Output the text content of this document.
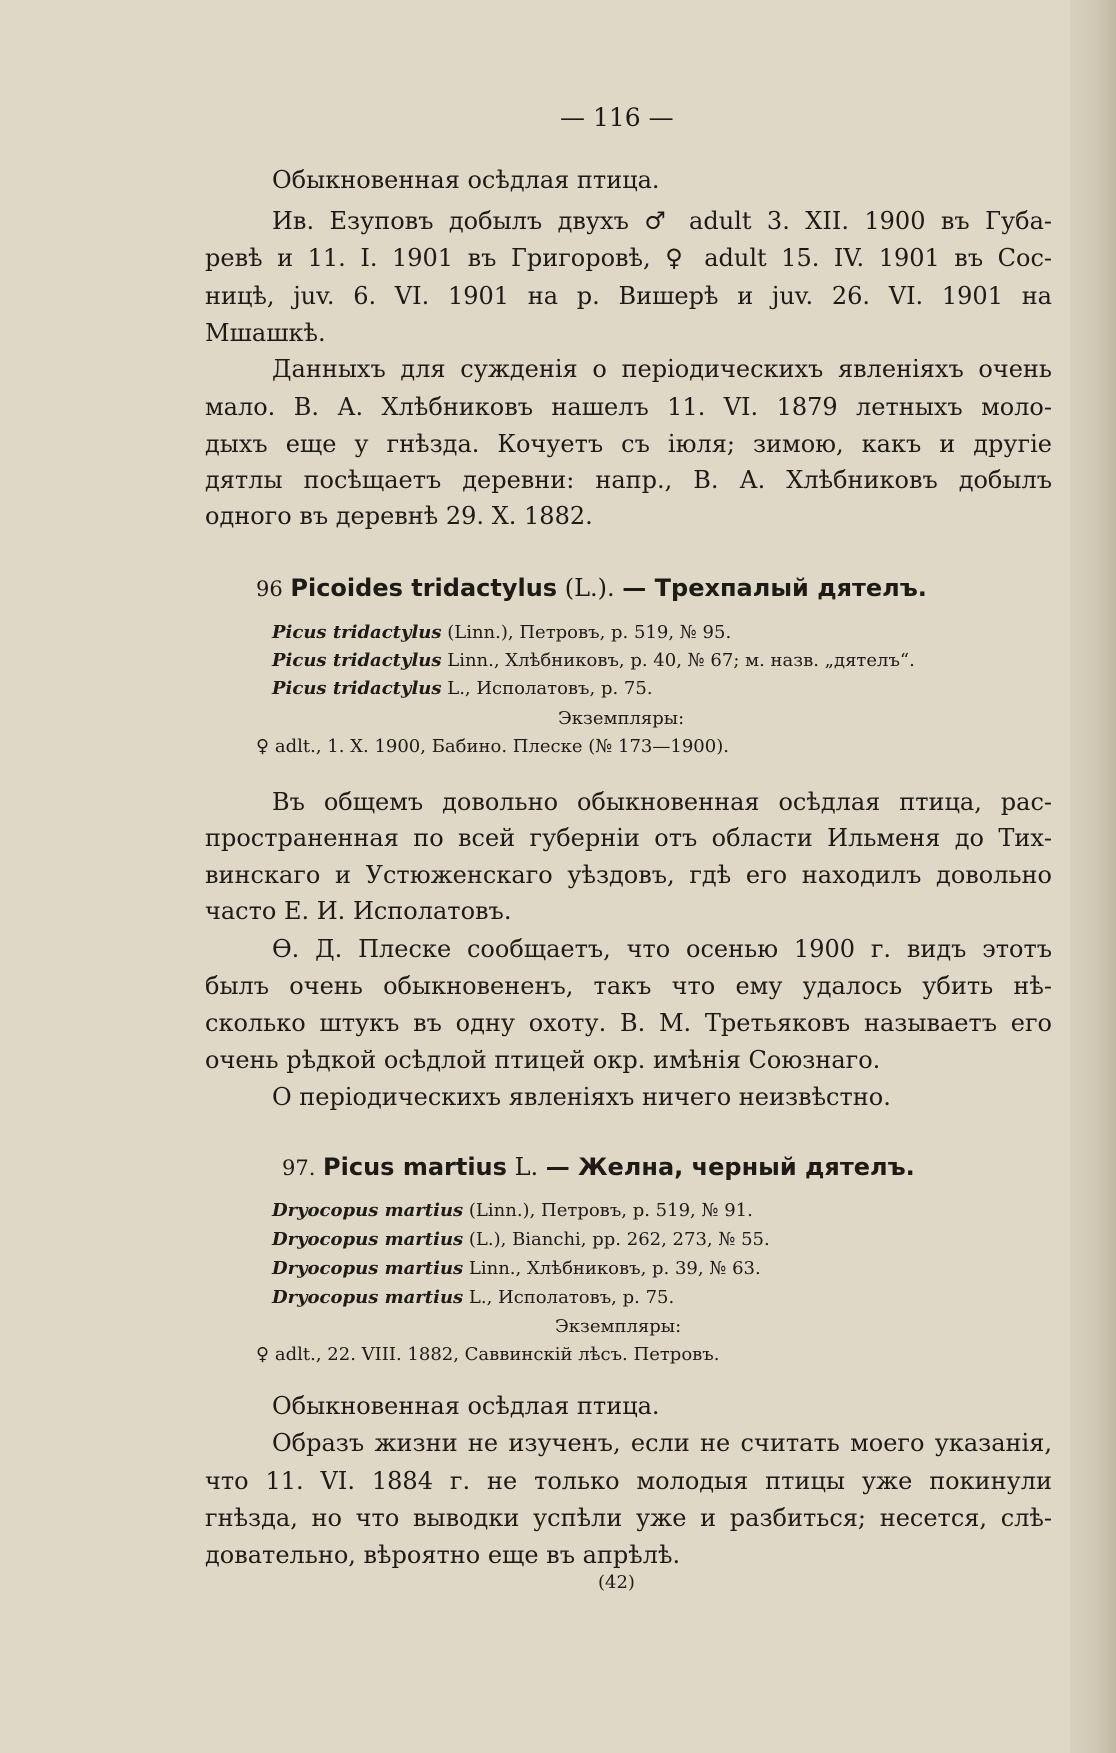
— 116 —
Обыкновенная осѣдлая птица.
Ив. Езуповъ добылъ двухъ ♂ adult 3. XII. 1900 въ Губа-
ревѣ и 11. I. 1901 въ Григоровѣ, ♀ adult 15. IV. 1901 въ Сос-
ницѣ, juv. 6. VI. 1901 на р. Вишерѣ и juv. 26. VI. 1901 на
Мшашкѣ.
Данныхъ для сужденія о періодическихъ явленіяхъ очень
мало. В. А. Хлѣбниковъ нашелъ 11. VI. 1879 летныхъ моло-
дыхъ еще у гнѣзда. Кочуетъ съ іюля; зимою, какъ и другіе
дятлы посѣщаетъ деревни: напр., В. А. Хлѣбниковъ добылъ
одного въ деревнѣ 29. X. 1882.
96 Picoides tridactylus (L.). — Трехпалый дятелъ.
Picus tridactylus (Linn.), Петровъ, p. 519, № 95.
Picus tridactylus Linn., Хлѣбниковъ, p. 40, № 67; м. назв. „дятелъ“.
Picus tridactylus L., Исполатовъ, p. 75.
Экземпляры:
♀ adlt., 1. X. 1900, Бабино. Плеске (№ 173—1900).
Въ общемъ довольно обыкновенная осѣдлая птица, рас-
пространенная по всей губерніи отъ области Ильменя до Тих-
винскаго и Устюженскаго уѣздовъ, гдѣ его находилъ довольно
часто Е. И. Исполатовъ.
Ѳ. Д. Плеске сообщаетъ, что осенью 1900 г. видъ этотъ
былъ очень обыкновененъ, такъ что ему удалось убить нѣ-
сколько штукъ въ одну охоту. В. М. Третьяковъ называетъ его
очень рѣдкой осѣдлой птицей окр. имѣнія Союзнаго.
О періодическихъ явленіяхъ ничего неизвѣстно.
97. Picus martius L. — Желна, черный дятелъ.
Dryocopus martius (Linn.), Петровъ, p. 519, № 91.
Dryocopus martius (L.), Bianchi, pp. 262, 273, № 55.
Dryocopus martius Linn., Хлѣбниковъ, p. 39, № 63.
Dryocopus martius L., Исполатовъ, p. 75.
Экземпляры:
♀ adlt., 22. VIII. 1882, Саввинскій лѣсъ. Петровъ.
Обыкновенная осѣдлая птица.
Образъ жизни не изученъ, если не считать моего указанія,
что 11. VI. 1884 г. не только молодыя птицы уже покинули
гнѣзда, но что выводки успѣли уже и разбиться; несется, слѣ-
довательно, вѣроятно еще въ апрѣлѣ.
(42)
